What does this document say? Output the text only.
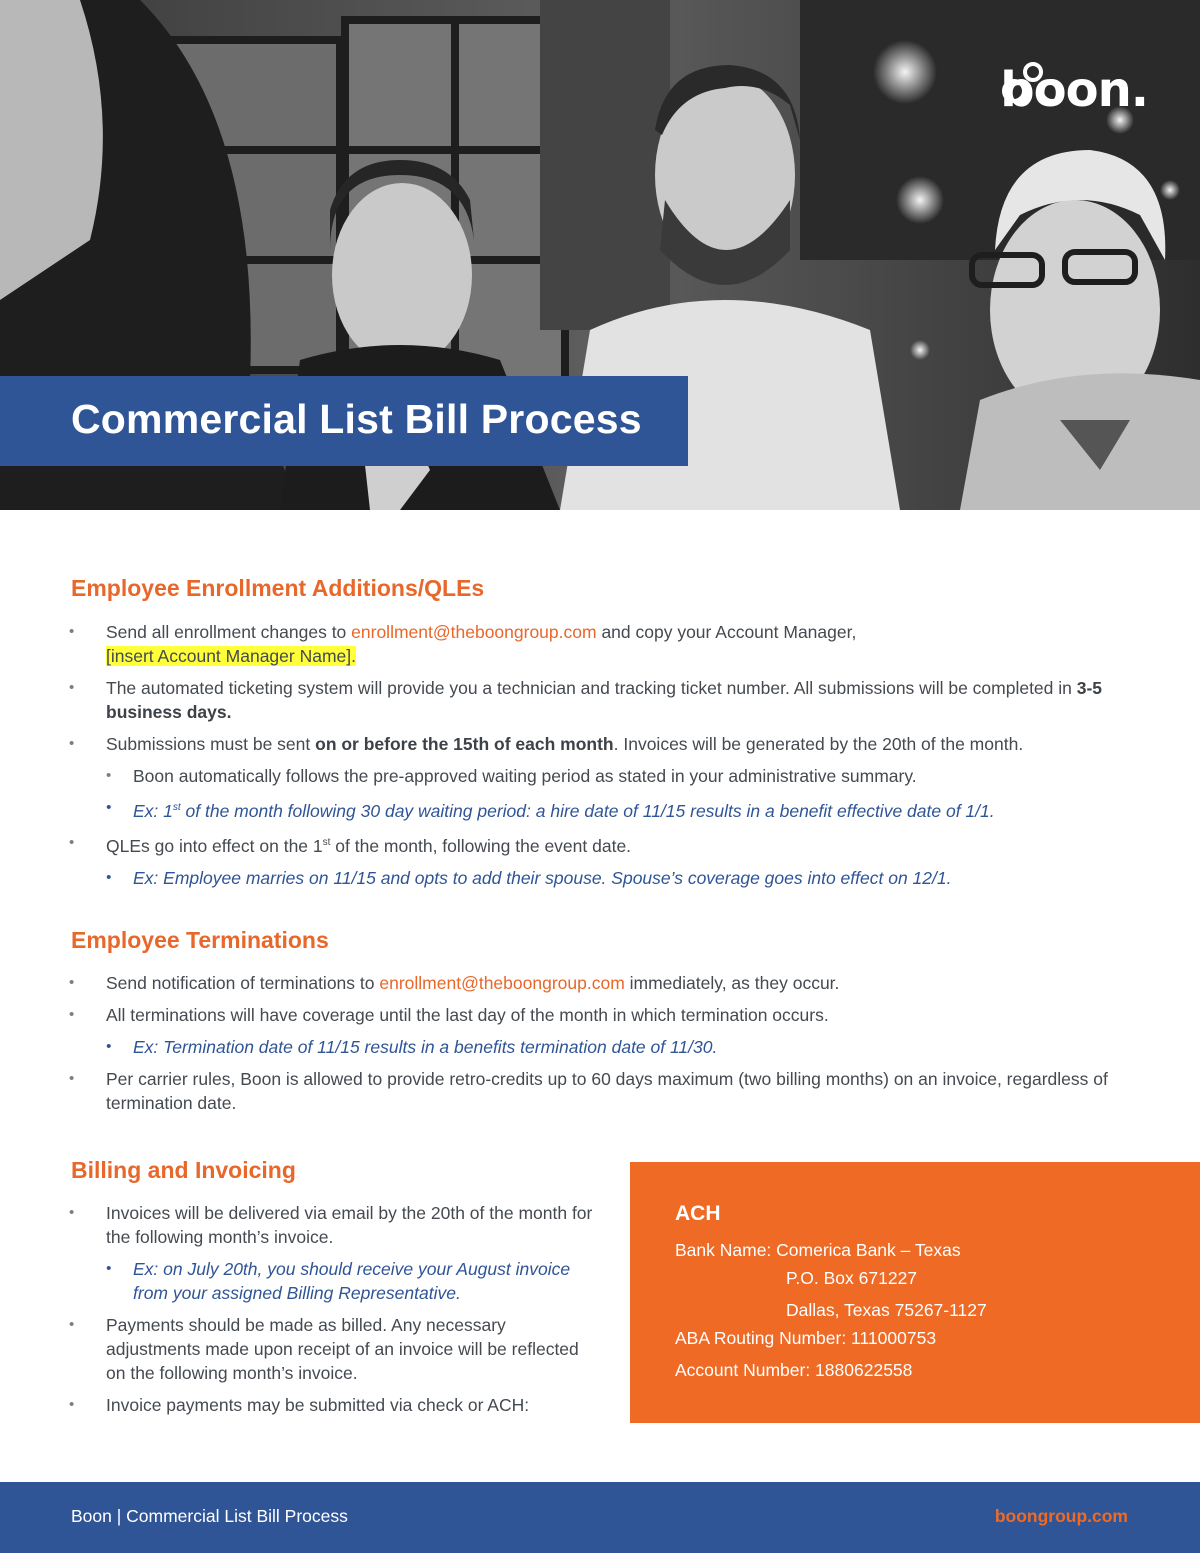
boon.
Commercial List Bill Process
Employee Enrollment Additions/QLEs
• Send all enrollment changes to enrollment@theboongroup.com and copy your Account Manager,
[insert Account Manager Name].
• The automated ticketing system will provide you a technician and tracking ticket number. All submissions will be completed in 3-5 business days.
• Submissions must be sent on or before the 15th of each month. Invoices will be generated by the 20th of the month.
• Boon automatically follows the pre-approved waiting period as stated in your administrative summary.
• Ex: 1st of the month following 30 day waiting period: a hire date of 11/15 results in a benefit effective date of 1/1.
• QLEs go into effect on the 1st of the month, following the event date.
• Ex: Employee marries on 11/15 and opts to add their spouse. Spouse’s coverage goes into effect on 12/1.
Employee Terminations
• Send notification of terminations to enrollment@theboongroup.com immediately, as they occur.
• All terminations will have coverage until the last day of the month in which termination occurs.
• Ex: Termination date of 11/15 results in a benefits termination date of 11/30.
• Per carrier rules, Boon is allowed to provide retro-credits up to 60 days maximum (two billing months) on an invoice, regardless of termination date.
Billing and Invoicing
• Invoices will be delivered via email by the 20th of the month for the following month’s invoice.
• Ex: on July 20th, you should receive your August invoice from your assigned Billing Representative.
• Payments should be made as billed. Any necessary adjustments made upon receipt of an invoice will be reflected on the following month’s invoice.
• Invoice payments may be submitted via check or ACH:
ACH
Bank Name: Comerica Bank – Texas
P.O. Box 671227
Dallas, Texas 75267-1127
ABA Routing Number: 111000753
Account Number: 1880622558
Boon | Commercial List Bill Process	boongroup.com
